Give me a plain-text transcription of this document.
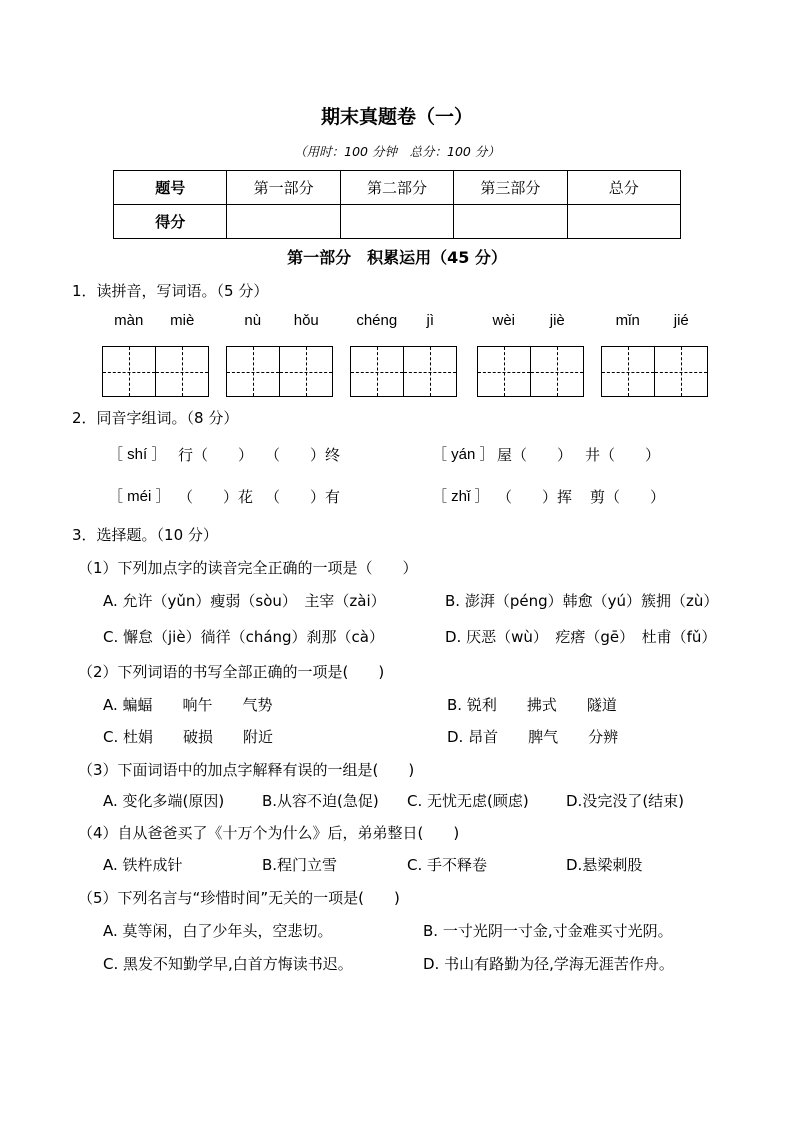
期末真题卷（一）
（用时：100 分钟　总分：100 分）
题号	第一部分	第二部分	第三部分	总分
得分				
第一部分　积累运用（45 分）
1．读拼音，写词语。（5 分）
màn	miè	nù	hǒu	chéng	jì	wèi	jiè	mǐn	jié
2．同音字组词。（8 分）
［ shí ］ 行（　　） （　　）终	［ yán ］ 屋（　　） 井（　　）
［ méi ］ （　　）花 （　　）有	［ zhǐ ］ （　　）挥 剪（　　）
3．选择题。（10 分）
（1）下列加点字的读音完全正确的一项是（　　）
A. 允许（yǔn）瘦弱（sòu）　主宰（zài）	B. 澎湃（péng）韩愈（yú）簇拥（zù）
C. 懈怠（jiè）徜徉（cháng）刹那（cà）	D. 厌恶（wù）　疙瘩（gē）　杜甫（fǔ）
（2）下列词语的书写全部正确的一项是(　　)
A. 蝙蝠　　响午　　气势	B. 锐利　　拂式　　隧道
C. 杜娟　　破损　　附近	D. 昂首　　脾气　　分辨
（3）下面词语中的加点字解释有误的一组是(　　)
A. 变化多端(原因)	B.从容不迫(急促) C. 无忧无虑(顾虑) D.没完没了(结束)
（4）自从爸爸买了《十万个为什么》后，弟弟整日(　　)
A. 铁杵成针	B.程门立雪	C. 手不释卷	D.悬梁刺股
（5）下列名言与“珍惜时间”无关的一项是(　　)
A. 莫等闲，白了少年头，空悲切。	B. 一寸光阴一寸金,寸金难买寸光阴。
C. 黑发不知勤学早,白首方悔读书迟。	D. 书山有路勤为径,学海无涯苦作舟。
